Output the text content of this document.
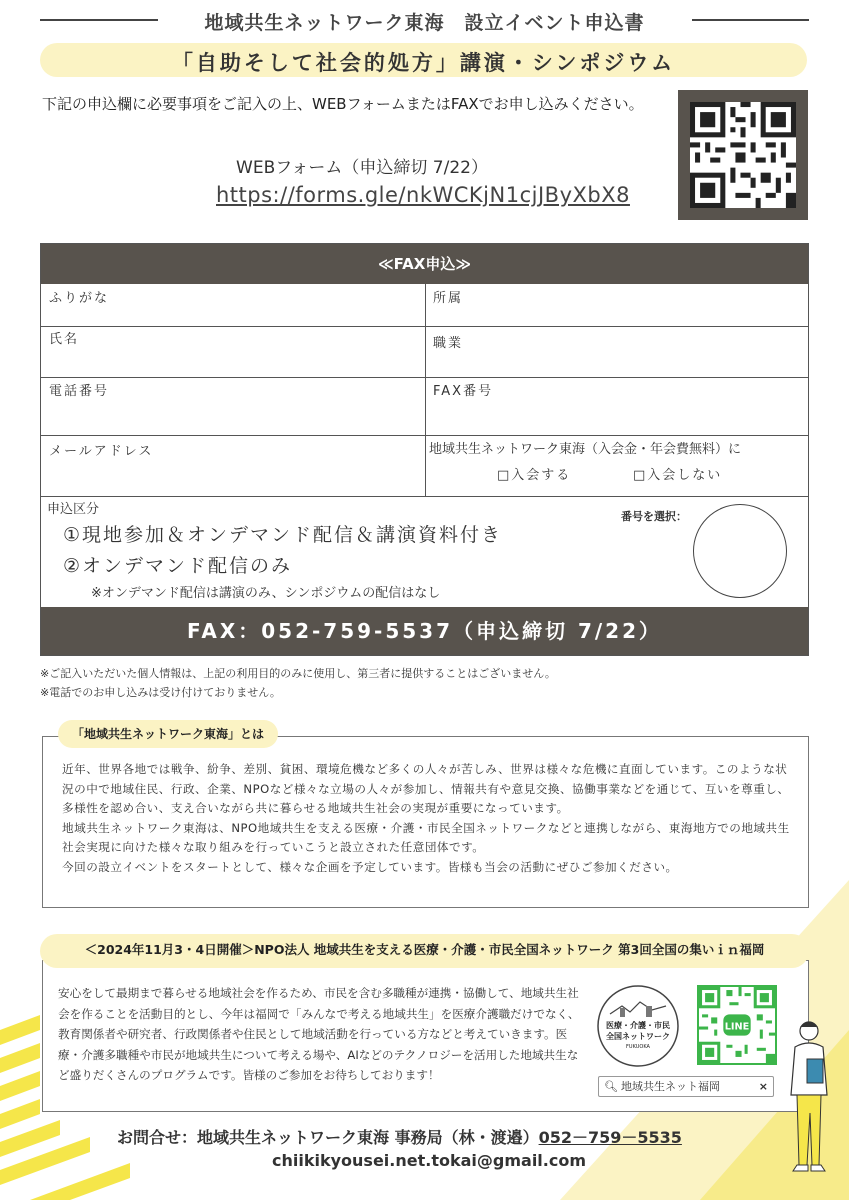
地域共生ネットワーク東海　設立イベント申込書
「自助そして社会的処方」講演・シンポジウム
下記の申込欄に必要事項をご記入の上、WEBフォームまたはFAXでお申し込みください。
WEBフォーム（申込締切 7/22）
https://forms.gle/nkWCKjN1cjJByXbX8
≪FAX申込≫
ふりがな	所属
氏名	職業
電話番号	FAX番号
メールアドレス	地域共生ネットワーク東海（入会金・年会費無料）に
□入会する	□入会しない
申込区分
①現地参加＆オンデマンド配信＆講演資料付き
②オンデマンド配信のみ
※オンデマンド配信は講演のみ、シンポジウムの配信はなし
番号を選択：
FAX：052-759-5537（申込締切 7/22）
※ご記入いただいた個人情報は、上記の利用目的のみに使用し、第三者に提供することはございません。
※電話でのお申し込みは受け付けておりません。
「地域共生ネットワーク東海」とは
近年、世界各地では戦争、紛争、差別、貧困、環境危機など多くの人々が苦しみ、世界は様々な危機に直面しています。このような状況の中で地域住民、行政、企業、NPOなど様々な立場の人々が参加し、情報共有や意見交換、協働事業などを通じて、互いを尊重し、多様性を認め合い、支え合いながら共に暮らせる地域共生社会の実現が重要になっています。
地域共生ネットワーク東海は、NPO地域共生を支える医療・介護・市民全国ネットワークなどと連携しながら、東海地方での地域共生社会実現に向けた様々な取り組みを行っていこうと設立された任意団体です。
今回の設立イベントをスタートとして、様々な企画を予定しています。皆様も当会の活動にぜひご参加ください。
＜2024年11月3・4日開催＞NPO法人 地域共生を支える医療・介護・市民全国ネットワーク 第3回全国の集いｉｎ福岡
安心をして最期まで暮らせる地域社会を作るため、市民を含む多職種が連携・協働して、地域共生社会を作ることを活動目的とし、今年は福岡で「みんなで考える地域共生」を医療介護職だけでなく、教育関係者や研究者、行政関係者や住民として地域活動を行っている方などと考えていきます。医療・介護多職種や市民が地域共生について考える場や、AIなどのテクノロジーを活用した地域共生など盛りだくさんのプログラムです。皆様のご参加をお待ちしております！
医療・介護・市民
全国ネットワーク
FUKUOKA
LINE
🔍︎ 地域共生ネット福岡	×
お問合せ：地域共生ネットワーク東海 事務局（林・渡邉）052－759－5535
chiikikyousei.net.tokai@gmail.com
